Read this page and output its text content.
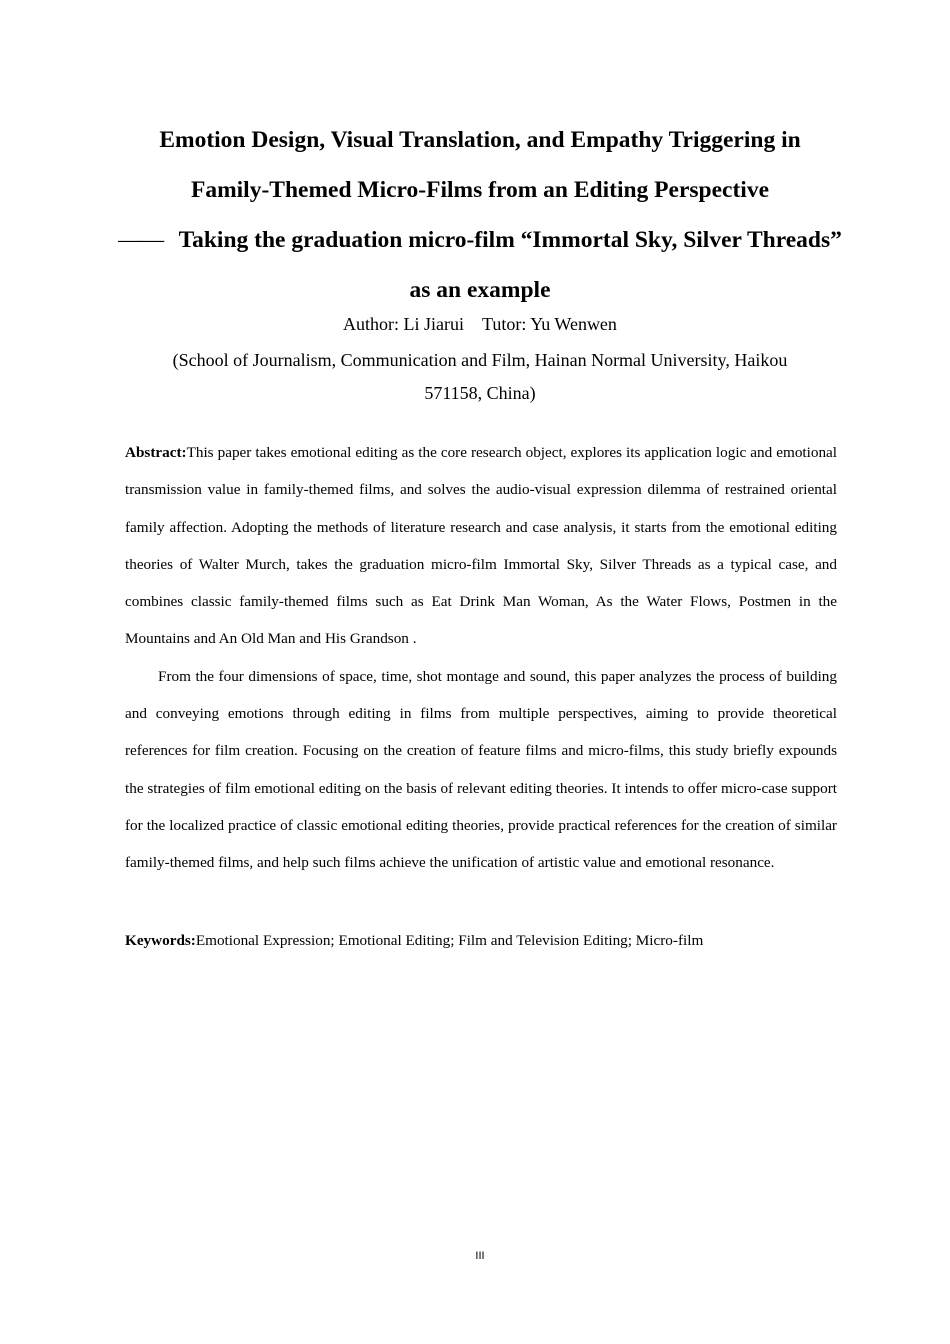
Emotion Design, Visual Translation, and Empathy Triggering in

Family-Themed Micro-Films from an Editing Perspective

—— Taking the graduation micro-film “Immortal Sky, Silver Threads” as an example

Author: Li Jiarui Tutor: Yu Wenwen
(School of Journalism, Communication and Film, Hainan Normal University, Haikou 571158, China)

Abstract:This paper takes emotional editing as the core research object, explores its application logic and emotional transmission value in family-themed films, and solves the audio-visual expression dilemma of restrained oriental family affection. Adopting the methods of literature research and case analysis, it starts from the emotional editing theories of Walter Murch, takes the graduation micro-film Immortal Sky, Silver Threads as a typical case, and combines classic family-themed films such as Eat Drink Man Woman, As the Water Flows, Postmen in the Mountains and An Old Man and His Grandson .

From the four dimensions of space, time, shot montage and sound, this paper analyzes the process of building and conveying emotions through editing in films from multiple perspectives, aiming to provide theoretical references for film creation. Focusing on the creation of feature films and micro-films, this study briefly expounds the strategies of film emotional editing on the basis of relevant editing theories. It intends to offer micro-case support for the localized practice of classic emotional editing theories, provide practical references for the creation of similar family-themed films, and help such films achieve the unification of artistic value and emotional resonance.

Keywords:Emotional Expression; Emotional Editing; Film and Television Editing; Micro-film
III
